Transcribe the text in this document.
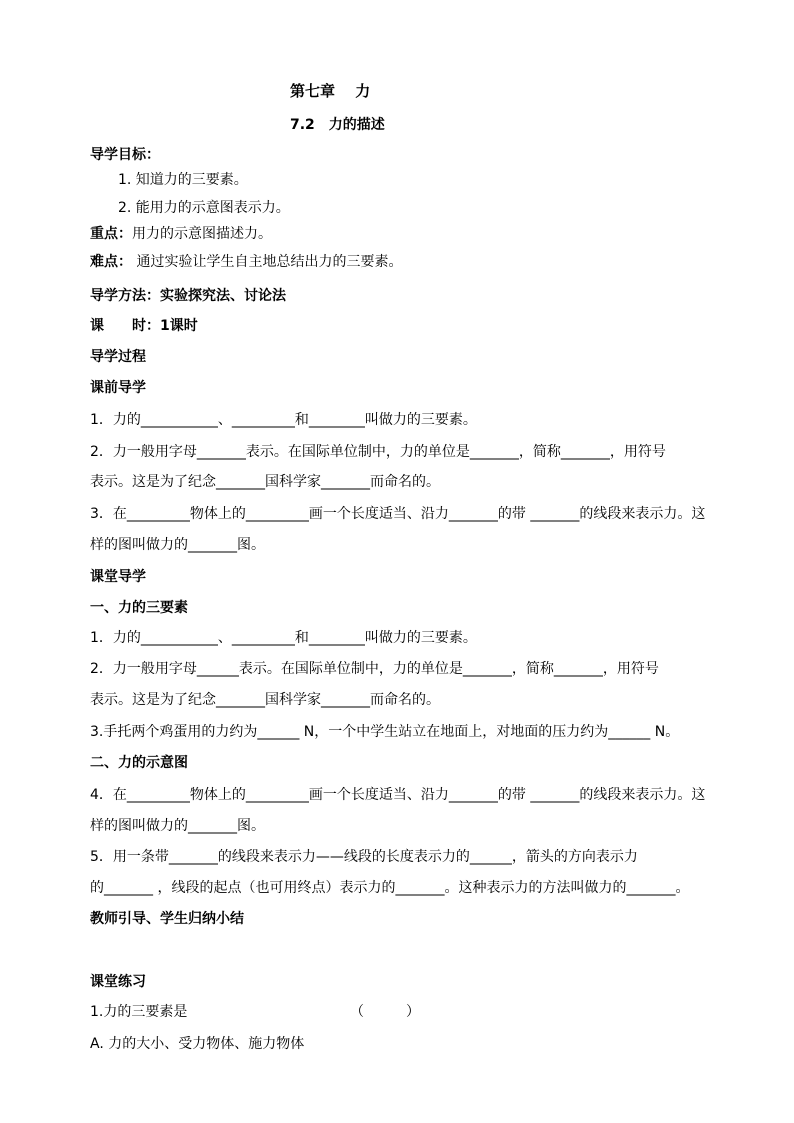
第七章　 力
7.2　力的描述
导学目标：
1. 知道力的三要素。
2. 能用力的示意图表示力。
重点：用力的示意图描述力。
难点： 通过实验让学生自主地总结出力的三要素。
导学方法：实验探究法、讨论法
课　　时：1课时
导学过程
课前导学
1．力的___________、_________和________叫做力的三要素。
2．力一般用字母_______表示。在国际单位制中，力的单位是_______，简称_______，用符号
表示。这是为了纪念_______国科学家_______而命名的。
3．在_________物体上的_________画一个长度适当、沿力_______的带 _______的线段来表示力。这
样的图叫做力的_______图。
课堂导学
一、力的三要素
1．力的___________、_________和________叫做力的三要素。
2．力一般用字母______表示。在国际单位制中，力的单位是_______，简称_______，用符号
表示。这是为了纪念_______国科学家_______而命名的。
3.手托两个鸡蛋用的力约为______ N，一个中学生站立在地面上，对地面的压力约为______ N。
二、力的示意图
4．在_________物体上的_________画一个长度适当、沿力_______的带 _______的线段来表示力。这
样的图叫做力的_______图。
5．用一条带_______的线段来表示力——线段的长度表示力的______，箭头的方向表示力
的_______ ，线段的起点（也可用终点）表示力的_______。这种表示力的方法叫做力的_______。
教师引导、学生归纳小结
课堂练习
1.力的三要素是	（　　　）
A. 力的大小、受力物体、施力物体
